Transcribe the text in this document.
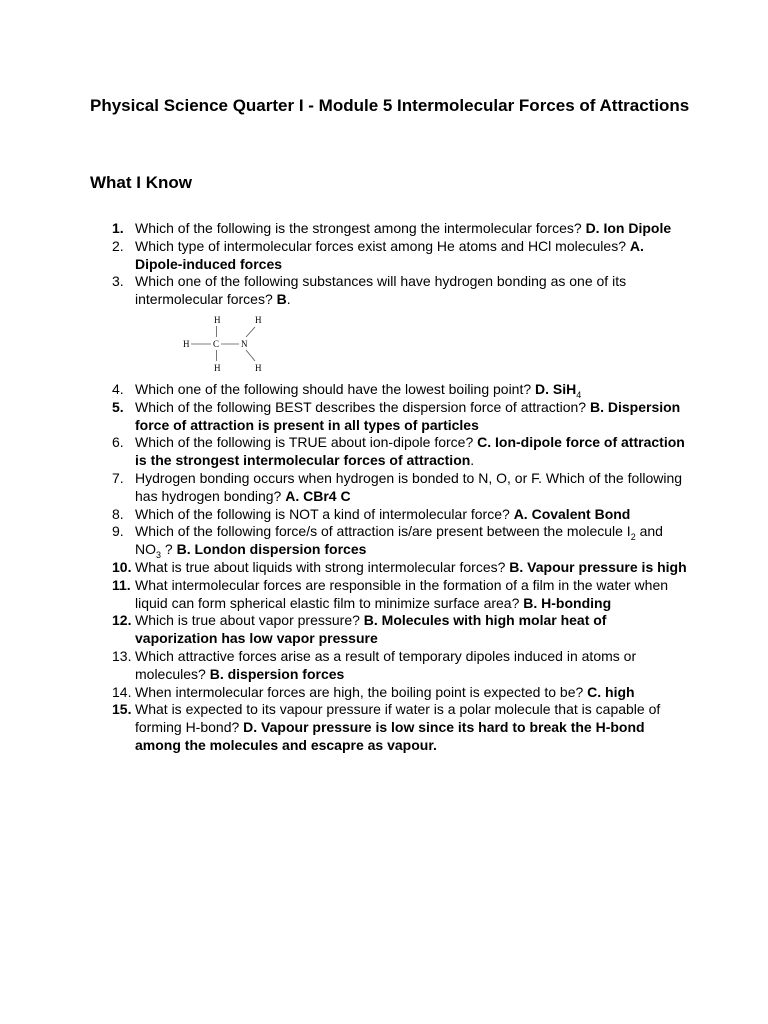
Physical Science Quarter I - Module 5 Intermolecular Forces of Attractions
What I Know
1. Which of the following is the strongest among the intermolecular forces? D. Ion Dipole
2. Which type of intermolecular forces exist among He atoms and HCl molecules? A. Dipole-induced forces
3. Which one of the following substances will have hydrogen bonding as one of its intermolecular forces? B.
H	H
H	C N
H	H
4. Which one of the following should have the lowest boiling point? D. SiH$_4$
5. Which of the following BEST describes the dispersion force of attraction? B. Dispersion force of attraction is present in all types of particles
6. Which of the following is TRUE about ion-dipole force? C. Ion-dipole force of attraction is the strongest intermolecular forces of attraction.
7. Hydrogen bonding occurs when hydrogen is bonded to N, O, or F. Which of the following has hydrogen bonding? A. CBr4 C
8. Which of the following is NOT a kind of intermolecular force? A. Covalent Bond
9. Which of the following force/s of attraction is/are present between the molecule $I_2$ and $NO_3$ ? B. London dispersion forces
10. What is true about liquids with strong intermolecular forces? B. Vapour pressure is high
11. What intermolecular forces are responsible in the formation of a film in the water when liquid can form spherical elastic film to minimize surface area? B. H-bonding
12. Which is true about vapor pressure? B. Molecules with high molar heat of vaporization has low vapor pressure
13. Which attractive forces arise as a result of temporary dipoles induced in atoms or molecules? B. dispersion forces
14. When intermolecular forces are high, the boiling point is expected to be? C. high
15. What is expected to its vapour pressure if water is a polar molecule that is capable of forming H-bond? D. Vapour pressure is low since its hard to break the H-bond among the molecules and escapre as vapour.
